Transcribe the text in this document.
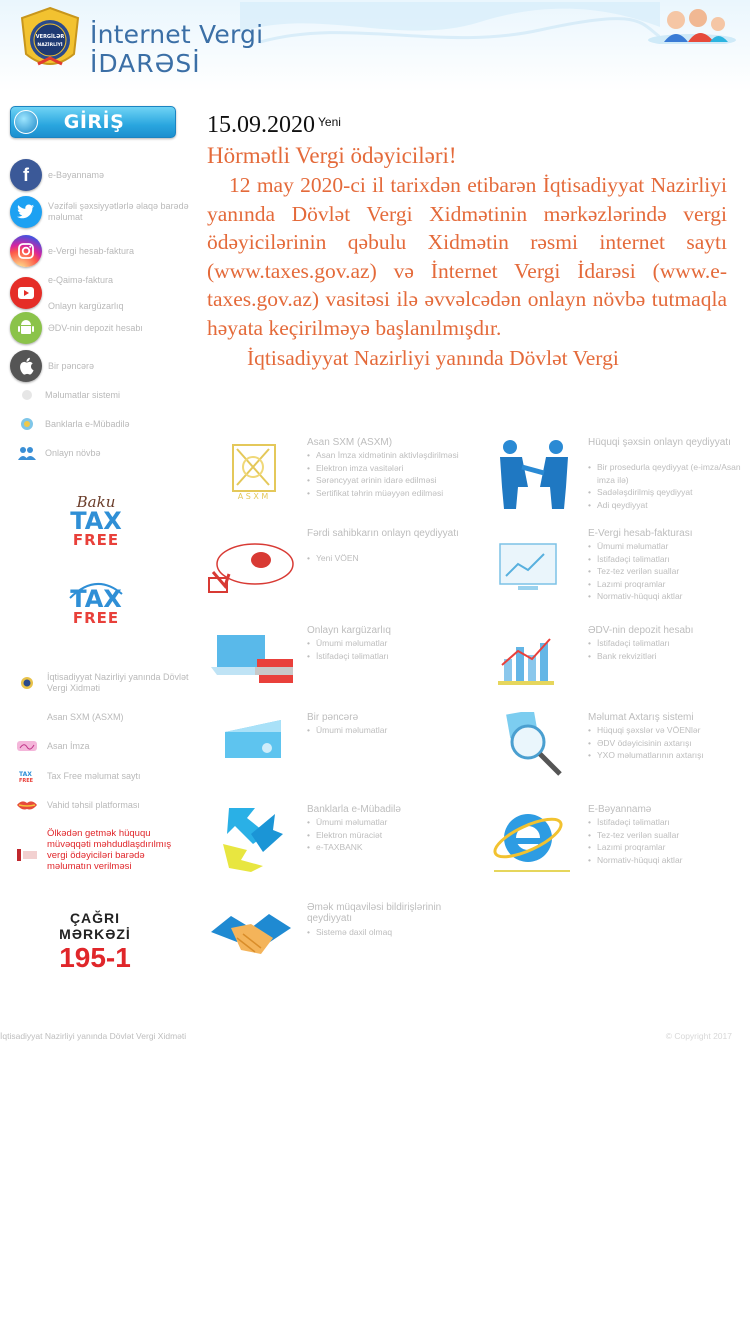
VERGİLƏR
NAZİRLİYİ İnternet Vergi
İDARƏSİ
GİRİŞ
f	e-Bəyannamə
Vəzifəli şəxsiyyətlərlə əlaqə barədə məlumat
e-Vergi hesab-faktura
e-Qaimə-faktura
Onlayn kargüzarlıq
ƏDV-nin depozit hesabı
Bir pəncərə
Məlumatlar sistemi
Banklarla e-Mübadilə
Onlayn növbə
Baku
TAX
FREE
TAX
FREE
İqtisadiyyat Nazirliyi yanında Dövlət Vergi Xidməti
Asan SXM (ASXM)
Asan İmza
TAX
FREE
Tax Free məlumat saytı
Vahid təhsil platforması
Ölkədən getmək hüququ müvəqqəti məhdudlaşdırılmış vergi ödəyiciləri barədə məlumatın verilməsi
ÇAĞRI
MƏRKƏZİ
195-1
15.09.2020 $^{Yeni}$
Hörmətli Vergi ödəyiciləri!

12 may 2020-ci il tarixdən etibarən İqtisadiyyat Nazirliyi yanında Dövlət Vergi Xidmətinin mərkəzlərində vergi ödəyicilərinin qəbulu Xidmətin rəsmi internet saytı (www.taxes.gov.az) və İnternet Vergi İdarəsi (www.e-taxes.gov.az) vasitəsi ilə əvvəlcədən onlayn növbə tutmaqla həyata keçirilməyə başlanılmışdır.

İqtisadiyyat Nazirliyi yanında Dövlət Vergi

A S X M
Asan SXM (ASXM)
• Asan İmza xidmətinin aktivləşdirilməsi
• Elektron imza vasitələri
• Sərəncyyat ərinin idarə edilməsi
• Sertifikat təhrin müəyyən edilməsi
Hüquqi şəxsin onlayn qeydiyyatı
• Bir prosedurla qeydiyyat (e-imza/Asan imza ilə)
• Sadələşdirilmiş qeydiyyat
• Adi qeydiyyat
Fərdi sahibkarın onlayn qeydiyyatı
• Yeni VÖEN
E-Vergi hesab-fakturası
• Ümumi məlumatlar
• İstifadəçi təlimatları
• Tez-tez verilən suallar
• Lazımi proqramlar
• Normativ-hüquqi aktlar
Onlayn kargüzarlıq
• Ümumi məlumatlar
• İstifadəçi təlimatları
ƏDV-nin depozit hesabı
• İstifadəçi təlimatları
• Bank rekvizitləri
Bir pəncərə
• Ümumi məlumatlar
Məlumat Axtarış sistemi
• Hüquqi şəxslər və VÖENlər
• ƏDV ödəyicisinin axtarışı
• YXO məlumatlarının axtarışı
Banklarla e-Mübadilə
• Ümumi məlumatlar
• Elektron müraciət
• e-TAXBANK
E-Bəyannamə
• İstifadəçi təlimatları
• Tez-tez verilən suallar
• Lazımi proqramlar
• Normativ-hüquqi aktlar
Əmək müqaviləsi bildirişlərinin qeydiyyatı
• Sistemə daxil olmaq
İqtisadiyyat Nazirliyi yanında Dövlət Vergi Xidməti	© Copyright 2017
